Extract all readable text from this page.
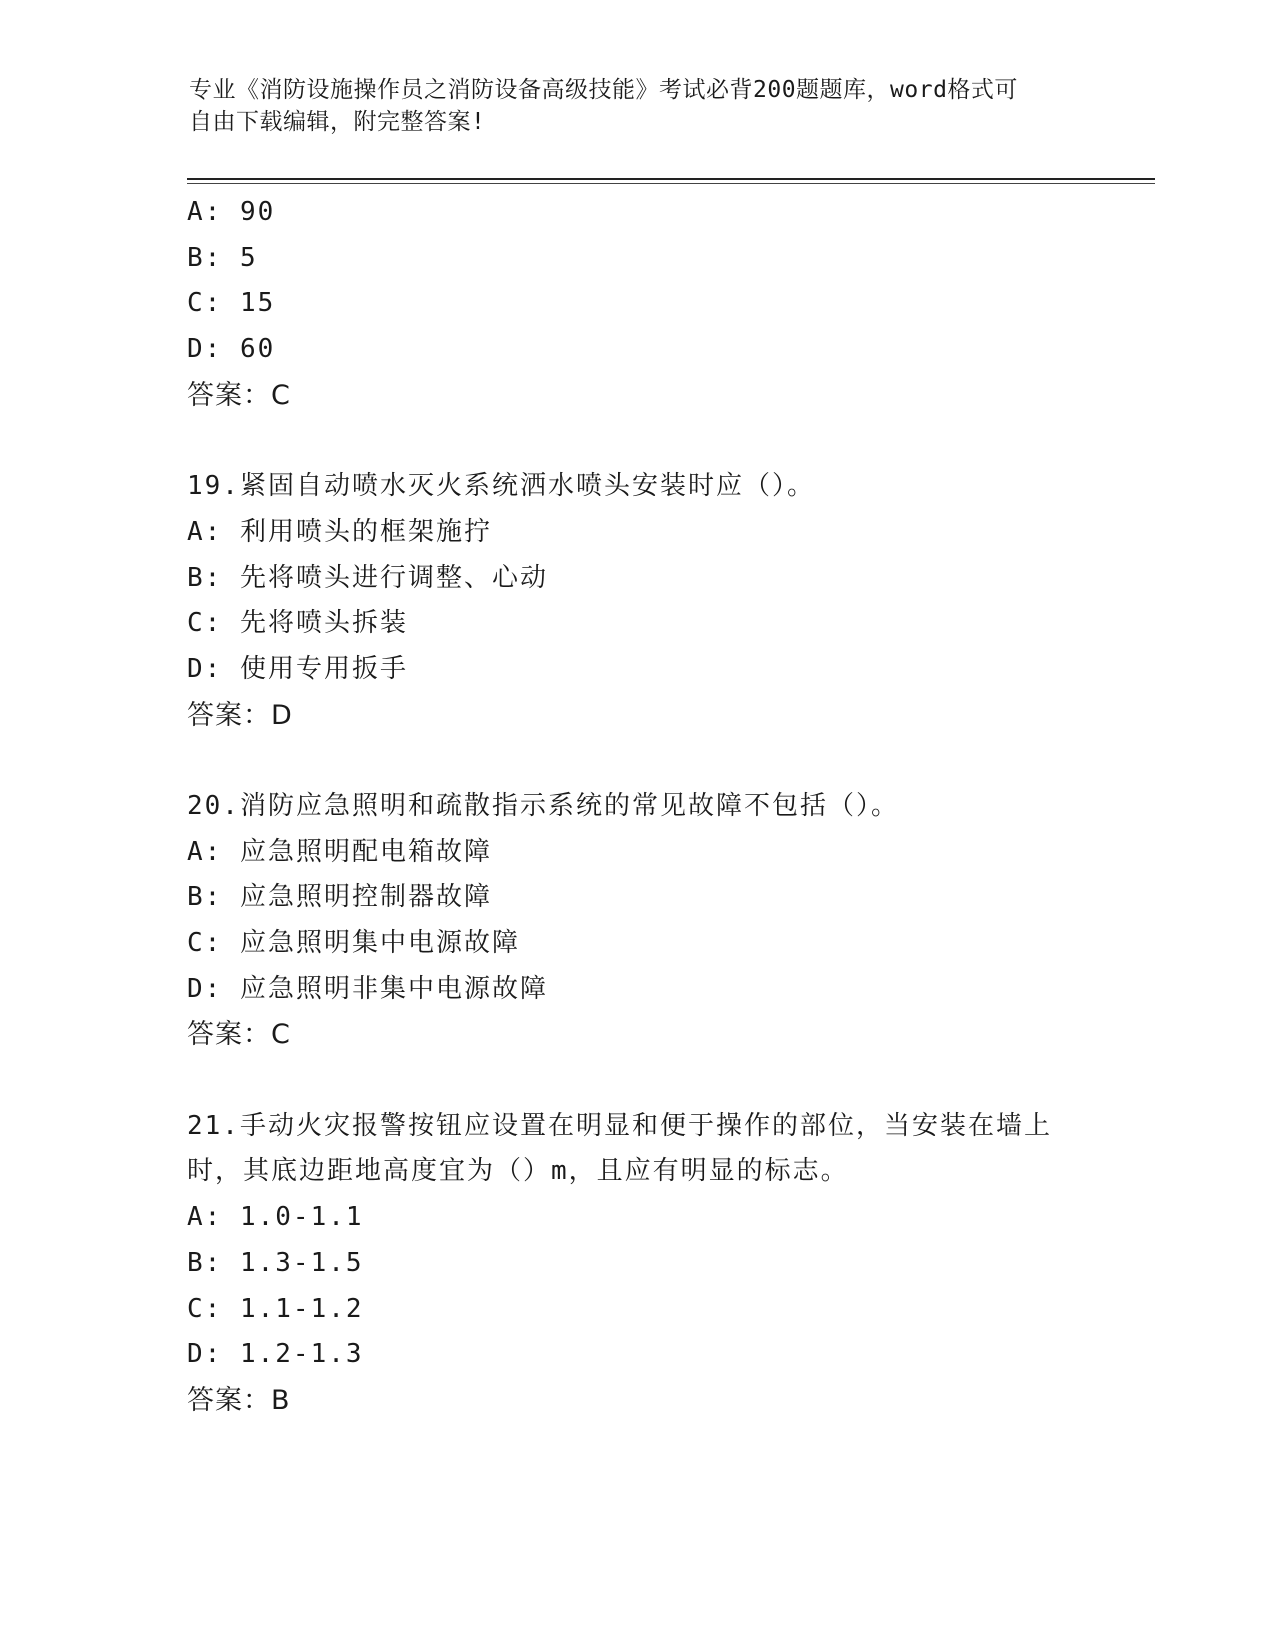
专业《消防设施操作员之消防设备高级技能》考试必背200题题库，word格式可
自由下载编辑，附完整答案!
A: 90
B: 5
C: 15
D: 60
答案：C
19.紧固自动喷水灭火系统洒水喷头安装时应（）。
A: 利用喷头的框架施拧
B: 先将喷头进行调整、心动
C: 先将喷头拆装
D: 使用专用扳手
答案：D
20.消防应急照明和疏散指示系统的常见故障不包括（）。
A: 应急照明配电箱故障
B: 应急照明控制器故障
C: 应急照明集中电源故障
D: 应急照明非集中电源故障
答案：C
21.手动火灾报警按钮应设置在明显和便于操作的部位，当安装在墙上
时，其底边距地高度宜为（）m，且应有明显的标志。
A: 1.0-1.1
B: 1.3-1.5
C: 1.1-1.2
D: 1.2-1.3
答案：B
